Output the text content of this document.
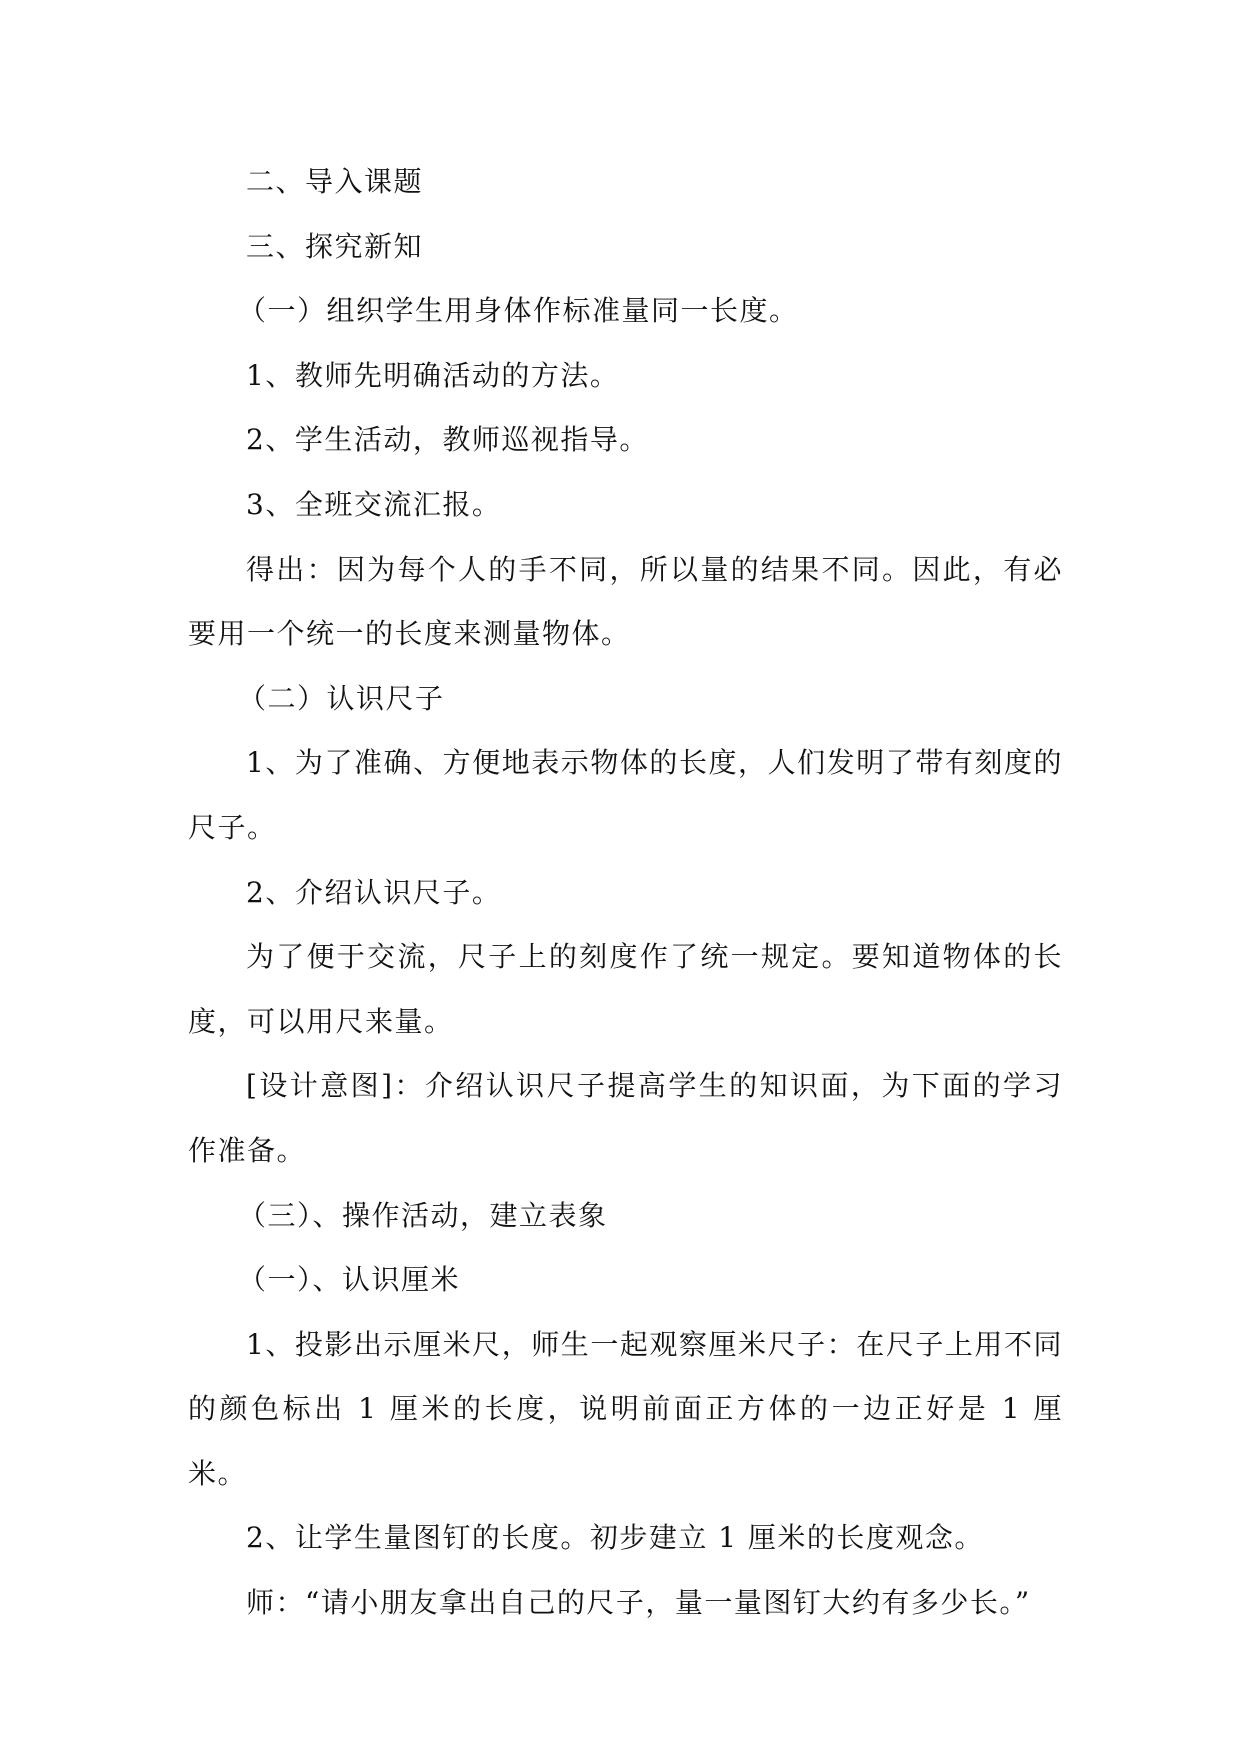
二、导入课题

三、探究新知

（一）组织学生用身体作标准量同一长度。

1、教师先明确活动的方法。

2、学生活动，教师巡视指导。

3、全班交流汇报。

得出：因为每个人的手不同，所以量的结果不同。因此，有必要用一个统一的长度来测量物体。

（二）认识尺子

1、为了准确、方便地表示物体的长度，人们发明了带有刻度的尺子。

2、介绍认识尺子。

为了便于交流，尺子上的刻度作了统一规定。要知道物体的长度，可以用尺来量。

[设计意图]：介绍认识尺子提高学生的知识面，为下面的学习作准备。

（三）、操作活动，建立表象

（一）、认识厘米

1、投影出示厘米尺，师生一起观察厘米尺子：在尺子上用不同的颜色标出 1 厘米的长度，说明前面正方体的一边正好是 1 厘米。

2、让学生量图钉的长度。初步建立 1 厘米的长度观念。

师：“请小朋友拿出自己的尺子，量一量图钉大约有多少长。”
